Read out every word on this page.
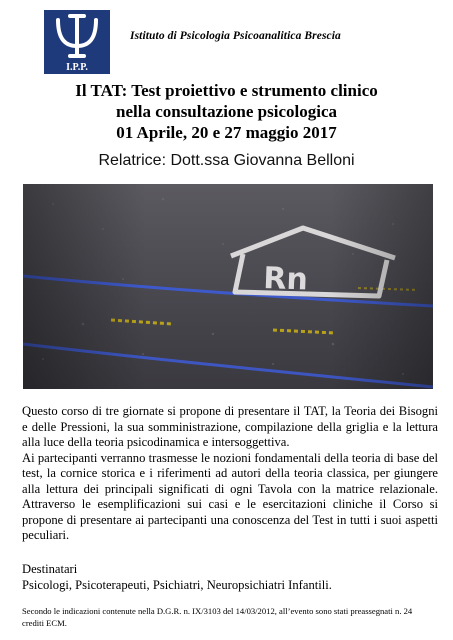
I.P.P.
Istituto di Psicologia Psicoanalitica Brescia
Il TAT: Test proiettivo e strumento clinico
nella consultazione psicologica
01 Aprile, 20 e 27 maggio 2017
Relatrice: Dott.ssa Giovanna Belloni

Questo corso di tre giornate si propone di presentare il TAT, la Teoria dei Bisogni e delle Pressioni, la sua somministrazione, compilazione della griglia e la lettura alla luce della teoria psicodinamica e intersoggettiva.

Ai partecipanti verranno trasmesse le nozioni fondamentali della teoria di base del test, la cornice storica e i riferimenti ad autori della teoria classica, per giungere alla lettura dei principali significati di ogni Tavola con la matrice relazionale. Attraverso le esemplificazioni sui casi e le esercitazioni cliniche il Corso si propone di presentare ai partecipanti una conoscenza del Test in tutti i suoi aspetti peculiari.

Destinatari
Psicologi, Psicoterapeuti, Psichiatri, Neuropsichiatri Infantili.
Secondo le indicazioni contenute nella D.G.R. n. IX/3103 del 14/03/2012, all’evento sono stati preassegnati n. 24 crediti ECM.
